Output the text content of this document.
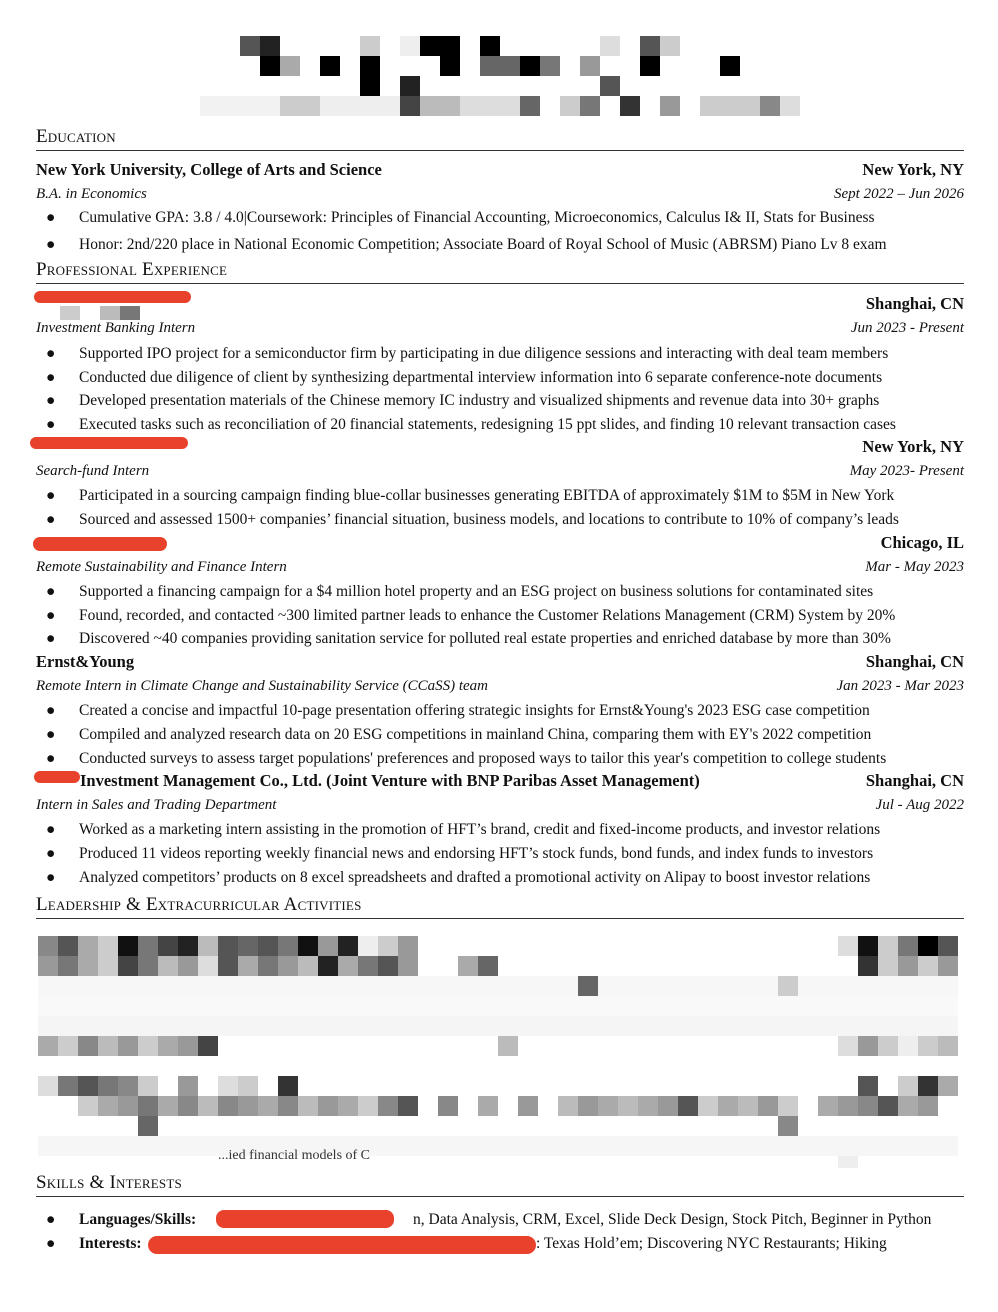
Education
New York University, College of Arts and Science	New York, NY
B.A. in Economics	Sept 2022 – Jun 2026
● Cumulative GPA: 3.8 / 4.0|Coursework: Principles of Financial Accounting, Microeconomics, Calculus I& II, Stats for Business
● Honor: 2nd/220 place in National Economic Competition; Associate Board of Royal School of Music (ABRSM) Piano Lv 8 exam
Professional Experience
Shanghai, CN
Investment Banking Intern	Jun 2023 - Present
● Supported IPO project for a semiconductor firm by participating in due diligence sessions and interacting with deal team members
● Conducted due diligence of client by synthesizing departmental interview information into 6 separate conference-note documents
● Developed presentation materials of the Chinese memory IC industry and visualized shipments and revenue data into 30+ graphs
● Executed tasks such as reconciliation of 20 financial statements, redesigning 15 ppt slides, and finding 10 relevant transaction cases
New York, NY
Search-fund Intern	May 2023- Present
● Participated in a sourcing campaign finding blue-collar businesses generating EBITDA of approximately $1M to $5M in New York
● Sourced and assessed 1500+ companies’ financial situation, business models, and locations to contribute to 10% of company’s leads
Chicago, IL
Remote Sustainability and Finance Intern	Mar - May 2023
● Supported a financing campaign for a $4 million hotel property and an ESG project on business solutions for contaminated sites
● Found, recorded, and contacted ~300 limited partner leads to enhance the Customer Relations Management (CRM) System by 20%
● Discovered ~40 companies providing sanitation service for polluted real estate properties and enriched database by more than 30%
Ernst&Young	Shanghai, CN
Remote Intern in Climate Change and Sustainability Service (CCaSS) team	Jan 2023 - Mar 2023
● Created a concise and impactful 10-page presentation offering strategic insights for Ernst&Young's 2023 ESG case competition
● Compiled and analyzed research data on 20 ESG competitions in mainland China, comparing them with EY's 2022 competition
● Conducted surveys to assess target populations' preferences and proposed ways to tailor this year's competition to college students
Investment Management Co., Ltd. (Joint Venture with BNP Paribas Asset Management)	Shanghai, CN
Intern in Sales and Trading Department	Jul - Aug 2022
● Worked as a marketing intern assisting in the promotion of HFT’s brand, credit and fixed-income products, and investor relations
● Produced 11 videos reporting weekly financial news and endorsing HFT’s stock funds, bond funds, and index funds to investors
● Analyzed competitors’ products on 8 excel spreadsheets and drafted a promotional activity on Alipay to boost investor relations
Leadership & Extracurricular Activities
...ied financial models of C
Skills & Interests
● Languages/Skills:	n, Data Analysis, CRM, Excel, Slide Deck Design, Stock Pitch, Beginner in Python
● Interests:	: Texas Hold’em; Discovering NYC Restaurants; Hiking
